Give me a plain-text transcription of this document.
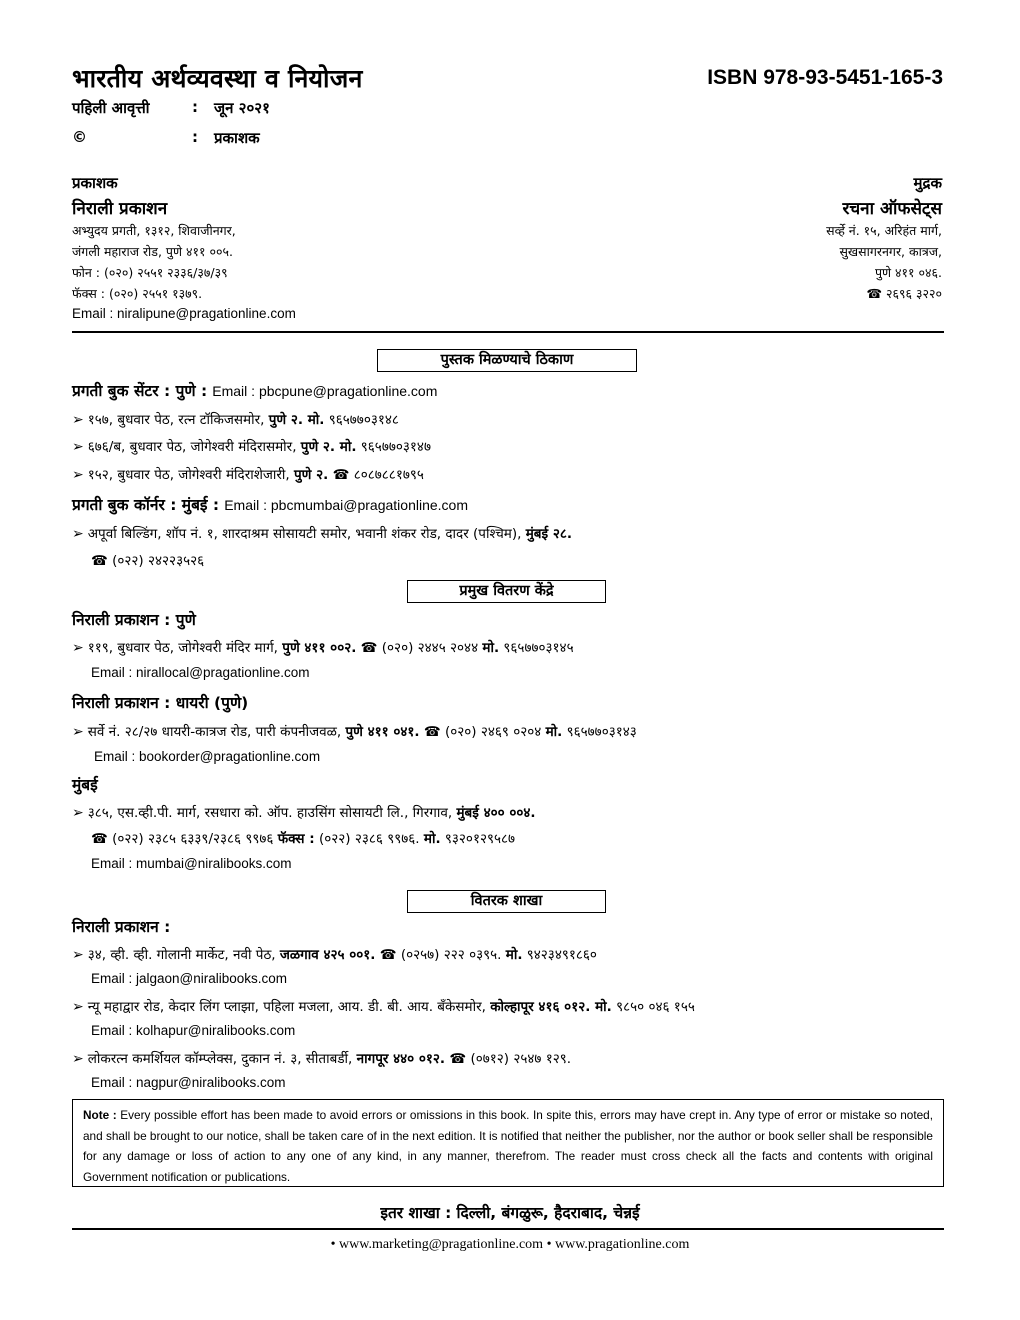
भारतीय अर्थव्यवस्था व नियोजन	ISBN 978-93-5451-165-3
पहिली आवृत्ती	: जून २०२१
©	: प्रकाशक
प्रकाशक
निराली प्रकाशन
अभ्युदय प्रगती, १३१२, शिवाजीनगर,
जंगली महाराज रोड, पुणे ४११ ००५.
फोन : (०२०) २५५१ २३३६/३७/३९
फॅक्स : (०२०) २५५१ १३७९.
Email : niralipune@pragationline.com
मुद्रक
रचना ऑफसेट्स
सर्व्हे नं. १५, अरिहंत मार्ग,
सुखसागरनगर, कात्रज,
पुणे ४११ ०४६.
☎ २६९६ ३२२०
पुस्तक मिळण्याचे ठिकाण
प्रगती बुक सेंटर : पुणे : Email : pbcpune@pragationline.com
➢ १५७, बुधवार पेठ, रत्न टॉकिजसमोर, पुणे २. मो. ९६५७७०३१४८
➢ ६७६/ब, बुधवार पेठ, जोगेश्वरी मंदिरासमोर, पुणे २. मो. ९६५७७०३१४७
➢ १५२, बुधवार पेठ, जोगेश्वरी मंदिराशेजारी, पुणे २. ☎ ८०८७८८१७९५
प्रगती बुक कॉर्नर : मुंबई : Email : pbcmumbai@pragationline.com
➢ अपूर्वा बिल्डिंग, शॉप नं. १, शारदाश्रम सोसायटी समोर, भवानी शंकर रोड, दादर (पश्चिम), मुंबई २८.
☎ (०२२) २४२२३५२६
प्रमुख वितरण केंद्रे
निराली प्रकाशन : पुणे
➢ ११९, बुधवार पेठ, जोगेश्वरी मंदिर मार्ग, पुणे ४११ ००२. ☎ (०२०) २४४५ २०४४ मो. ९६५७७०३१४५
Email : nirallocal@pragationline.com
निराली प्रकाशन : धायरी (पुणे)
➢ सर्वे नं. २८/२७ धायरी-कात्रज रोड, पारी कंपनीजवळ, पुणे ४११ ०४१. ☎ (०२०) २४६९ ०२०४ मो. ९६५७७०३१४३
Email : bookorder@pragationline.com
मुंबई
➢ ३८५, एस.व्ही.पी. मार्ग, रसधारा को. ऑप. हाउसिंग सोसायटी लि., गिरगाव, मुंबई ४०० ००४.
☎ (०२२) २३८५ ६३३९/२३८६ ९९७६ फॅक्स : (०२२) २३८६ ९९७६. मो. ९३२०१२९५८७
Email : mumbai@niralibooks.com
वितरक शाखा
निराली प्रकाशन :
➢ ३४, व्ही. व्ही. गोलानी मार्केट, नवी पेठ, जळगाव ४२५ ००१. ☎ (०२५७) २२२ ०३९५. मो. ९४२३४९१८६०
Email : jalgaon@niralibooks.com
➢ न्यू महाद्वार रोड, केदार लिंग प्लाझा, पहिला मजला, आय. डी. बी. आय. बँकेसमोर, कोल्हापूर ४१६ ०१२. मो. ९८५० ०४६ १५५
Email : kolhapur@niralibooks.com
➢ लोकरत्न कमर्शियल कॉम्प्लेक्स, दुकान नं. ३, सीताबर्डी, नागपूर ४४० ०१२. ☎ (०७१२) २५४७ १२९.
Email : nagpur@niralibooks.com
Note : Every possible effort has been made to avoid errors or omissions in this book. In spite this, errors may have crept in. Any type of error or mistake so noted, and shall be brought to our notice, shall be taken care of in the next edition. It is notified that neither the publisher, nor the author or book seller shall be responsible for any damage or loss of action to any one of any kind, in any manner, therefrom. The reader must cross check all the facts and contents with original Government notification or publications.
इतर शाखा : दिल्ली, बंगळुरू, हैदराबाद, चेन्नई
• www.marketing@pragationline.com • www.pragationline.com
